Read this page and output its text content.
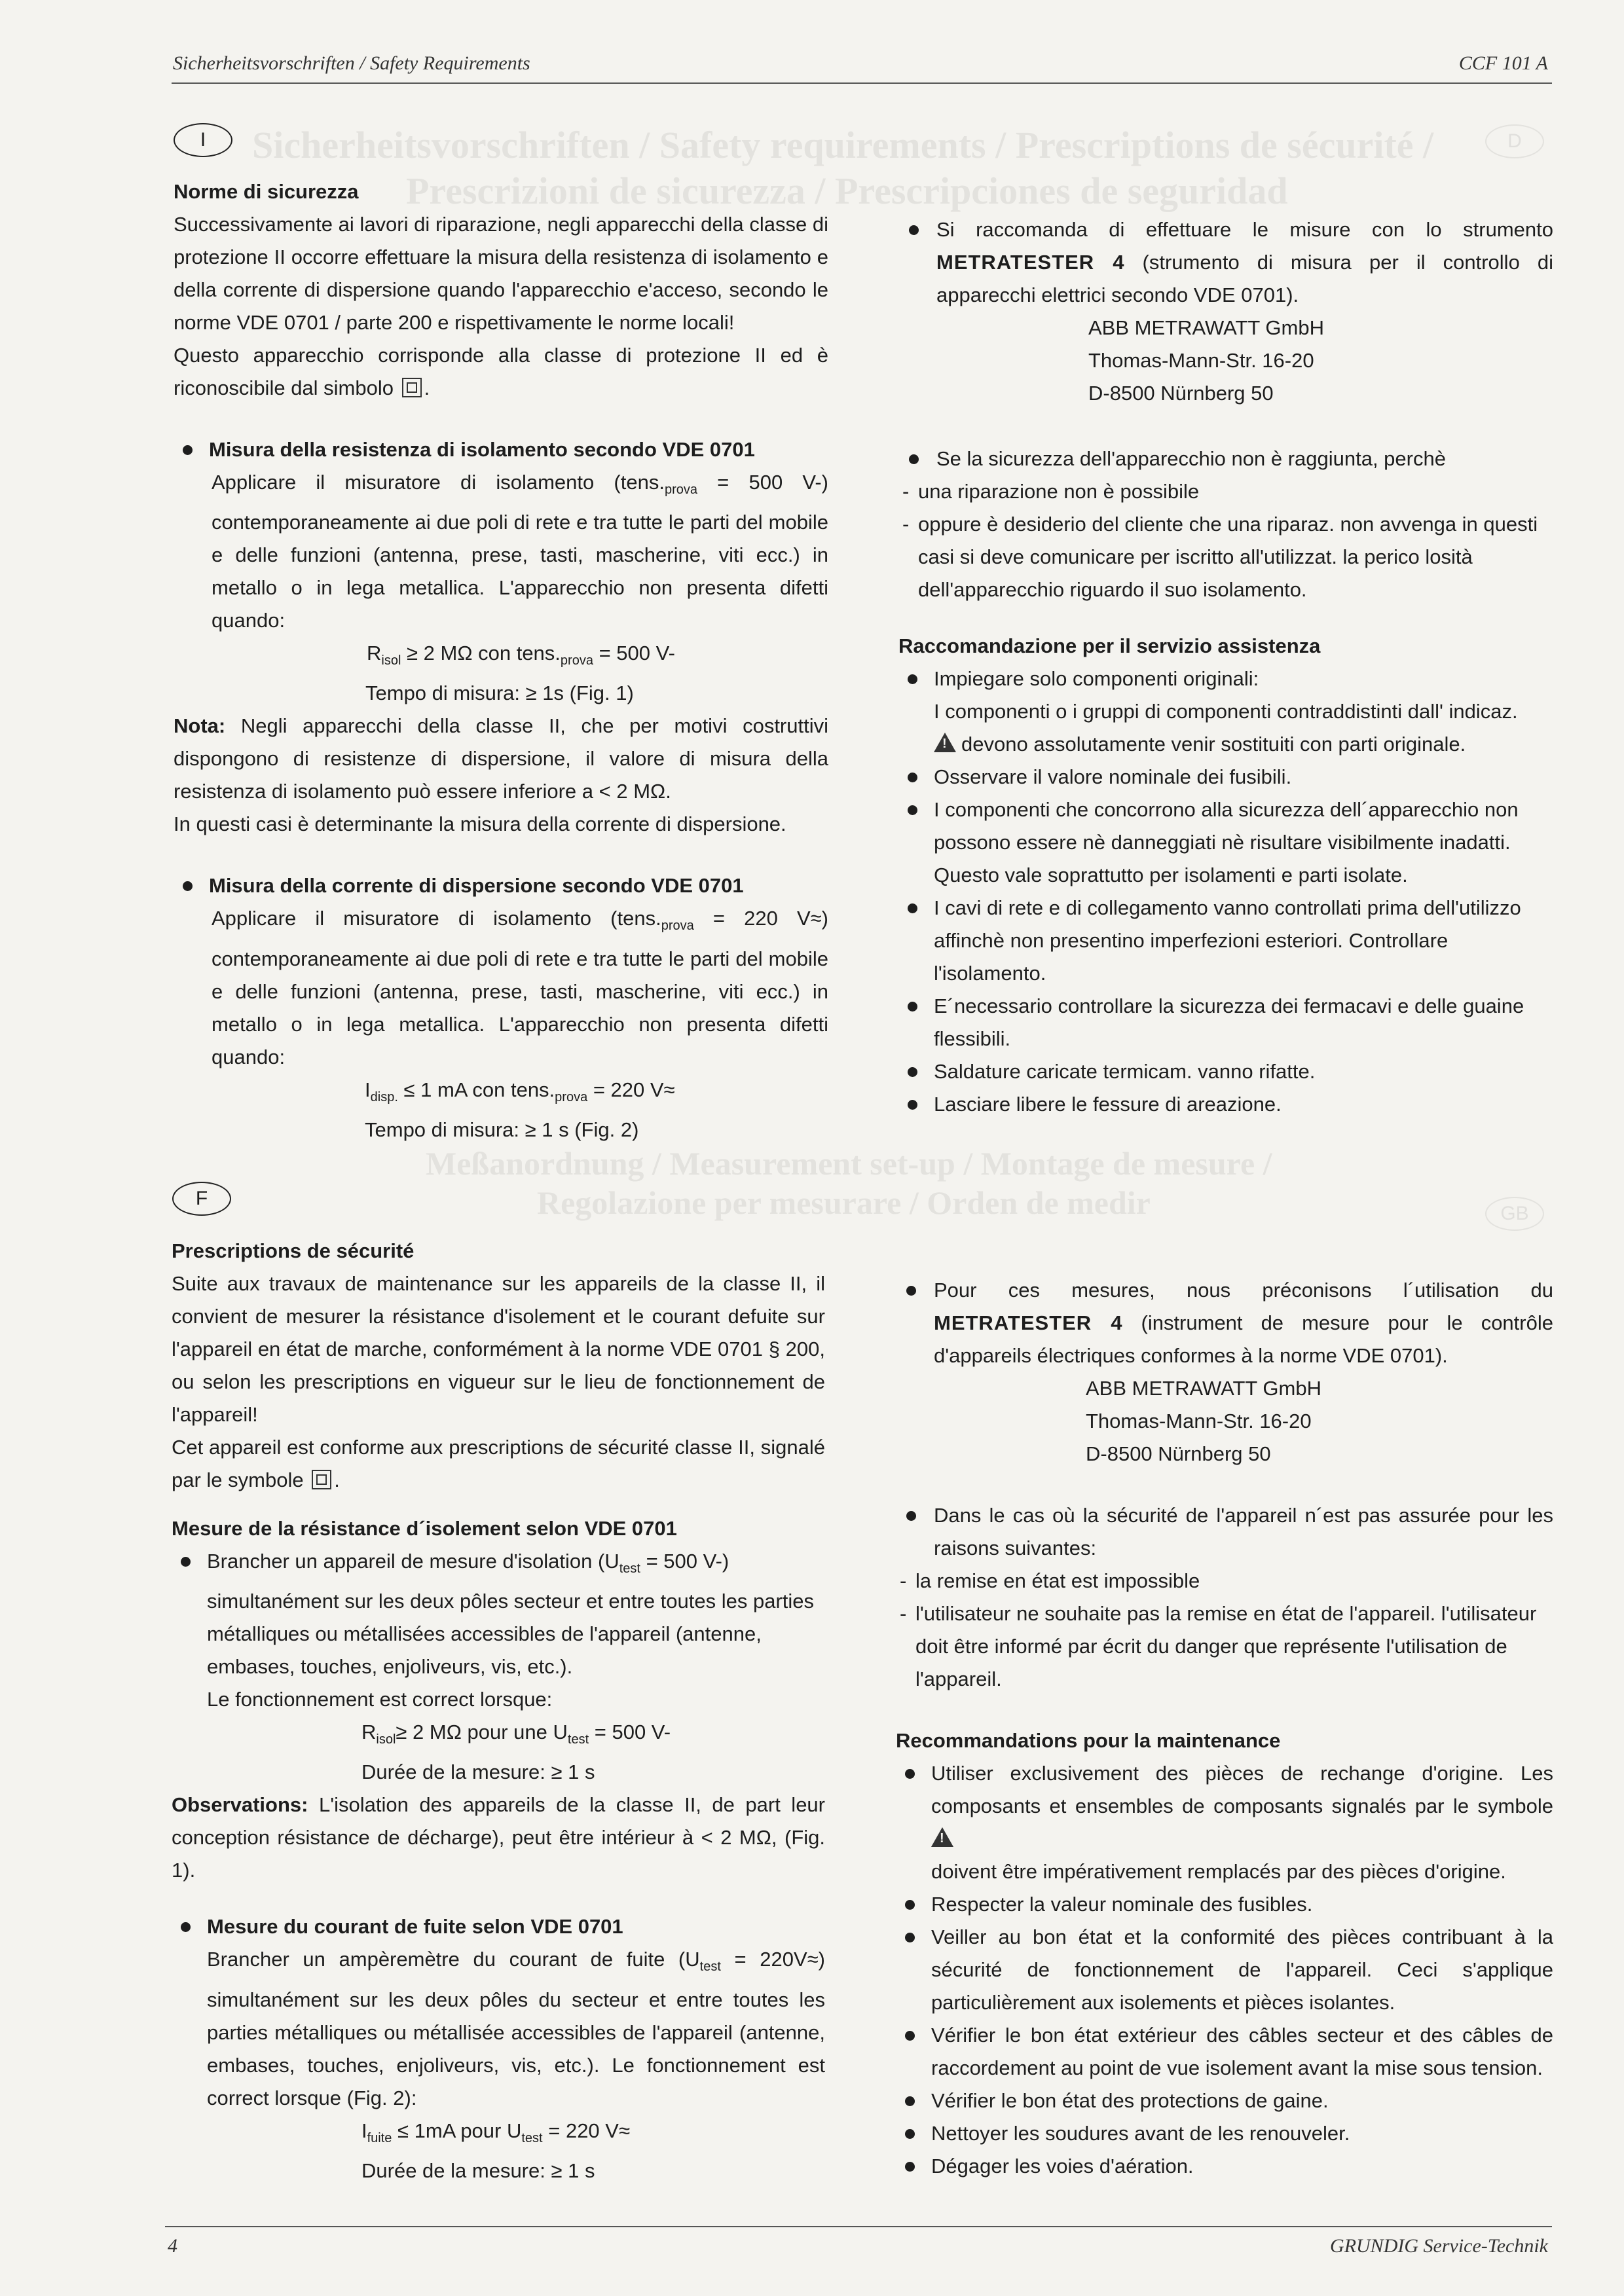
Sicherheitsvorschriften / Safety requirements / Prescriptions de sécurité /
Prescrizioni de sicurezza / Prescripciones de seguridad
Meßanordnung / Measurement set-up / Montage de mesure /
Regolazione per mesurare / Orden de medir
D
GB
Sicherheitsvorschriften / Safety Requirements	CCF 101 A
I

Norme di sicurezza

Successivamente ai lavori di riparazione, negli apparecchi della classe di protezione II occorre effettuare la misura della resistenza di isolamento e della corrente di dispersione quando l'apparecchio e'acceso, secondo le norme VDE 0701 / parte 200 e rispettivamente le norme locali!

Questo apparecchio corrisponde alla classe di protezione II ed è riconoscibile dal simbolo .

Misura della resistenza di isolamento secondo VDE 0701

Applicare il misuratore di isolamento ($tens._{prova} = 500$ V-) contemporaneamente ai due poli di rete e tra tutte le parti del mobile e delle funzioni (antenna, prese, tasti, mascherine, viti ecc.) in metallo o in lega metallica. L'apparecchio non presenta difetti quando:

$R_{isol} \ge 2$ MΩ con $tens._{prova} = 500$ V-

Tempo di misura: ≥ 1s (Fig. 1)

Nota: Negli apparecchi della classe II, che per motivi costruttivi dispongono di resistenze di dispersione, il valore di misura della resistenza di isolamento può essere inferiore a < 2 MΩ.

In questi casi è determinante la misura della corrente di dispersione.

Misura della corrente di dispersione secondo VDE 0701

Applicare il misuratore di isolamento ($tens._{prova} = 220$ V≈) contemporaneamente ai due poli di rete e tra tutte le parti del mobile e delle funzioni (antenna, prese, tasti, mascherine, viti ecc.) in metallo o in lega metallica. L'apparecchio non presenta difetti quando:

$I_{disp.} \le 1$ mA con $tens._{prova} = 220$ V≈

Tempo di misura: ≥ 1 s (Fig. 2)

Si raccomanda di effettuare le misure con lo strumento METRATESTER 4 (strumento di misura per il controllo di apparecchi elettrici secondo VDE 0701).

ABB METRAWATT GmbH

Thomas-Mann-Str. 16-20

D-8500 Nürnberg 50

Se la sicurezza dell'apparecchio non è raggiunta, perchè

- una riparazione non è possibile

- oppure è desiderio del cliente che una riparaz. non avvenga in questi casi si deve comunicare per iscritto all'utilizzat. la perico losità dell'apparecchio riguardo il suo isolamento.

Raccomandazione per il servizio assistenza

Impiegare solo componenti originali:

I componenti o i gruppi di componenti contraddistinti dall' indicaz.

!devono assolutamente venir sostituiti con parti originale.

Osservare il valore nominale dei fusibili.

I componenti che concorrono alla sicurezza dell´apparecchio non possono essere nè danneggiati nè risultare visibilmente inadatti. Questo vale soprattutto per isolamenti e parti isolate.

I cavi di rete e di collegamento vanno controllati prima dell'utilizzo affinchè non presentino imperfezioni esteriori. Controllare l'isolamento.

E´necessario controllare la sicurezza dei fermacavi e delle guaine flessibili.

Saldature caricate termicam. vanno rifatte.

Lasciare libere le fessure di areazione.

F

Prescriptions de sécurité

Suite aux travaux de maintenance sur les appareils de la classe II, il convient de mesurer la résistance d'isolement et le courant defuite sur l'appareil en état de marche, conformément à la norme VDE 0701 § 200, ou selon les prescriptions en vigueur sur le lieu de fonctionnement de l'appareil!

Cet appareil est conforme aux prescriptions de sécurité classe II, signalé par le symbole .

Mesure de la résistance d´isolement selon VDE 0701

Brancher un appareil de mesure d'isolation ($U_{test} = 500$ V-) simultanément sur les deux pôles secteur et entre toutes les parties métalliques ou métallisées accessibles de l'appareil (antenne, embases, touches, enjoliveurs, vis, etc.).

Le fonctionnement est correct lorsque:

$R_{isol}\ge 2$ MΩ pour une $U_{test} = 500$ V-

Durée de la mesure: ≥ 1 s

Observations: L'isolation des appareils de la classe II, de part leur conception résistance de décharge), peut être intérieur à < 2 MΩ, (Fig. 1).

Mesure du courant de fuite selon VDE 0701

Brancher un ampèremètre du courant de fuite $(U_{test} = 220V\approx)$ simultanément sur les deux pôles du secteur et entre toutes les parties métalliques ou métallisée accessibles de l'appareil (antenne, embases, touches, enjoliveurs, vis, etc.). Le fonctionnement est correct lorsque (Fig. 2):

$I_{fuite} \le 1mA$ pour $U_{test} = 220$ V≈

Durée de la mesure: ≥ 1 s

Pour ces mesures, nous préconisons l´utilisation du METRATESTER 4 (instrument de mesure pour le contrôle d'appareils électriques conformes à la norme VDE 0701).

ABB METRAWATT GmbH

Thomas-Mann-Str. 16-20

D-8500 Nürnberg 50

Dans le cas où la sécurité de l'appareil n´est pas assurée pour les raisons suivantes:

- la remise en état est impossible

- l'utilisateur ne souhaite pas la remise en état de l'appareil. l'utilisateur doit être informé par écrit du danger que représente l'utilisation de l'appareil.

Recommandations pour la maintenance

Utiliser exclusivement des pièces de rechange d'origine. Les composants et ensembles de composants signalés par le symbole !
doivent être impérativement remplacés par des pièces d'origine.

Respecter la valeur nominale des fusibles.

Veiller au bon état et la conformité des pièces contribuant à la sécurité de fonctionnement de l'appareil. Ceci s'applique particulièrement aux isolements et pièces isolantes.

Vérifier le bon état extérieur des câbles secteur et des câbles de raccordement au point de vue isolement avant la mise sous tension.

Vérifier le bon état des protections de gaine.

Nettoyer les soudures avant de les renouveler.

Dégager les voies d'aération.

4	GRUNDIG Service-Technik
